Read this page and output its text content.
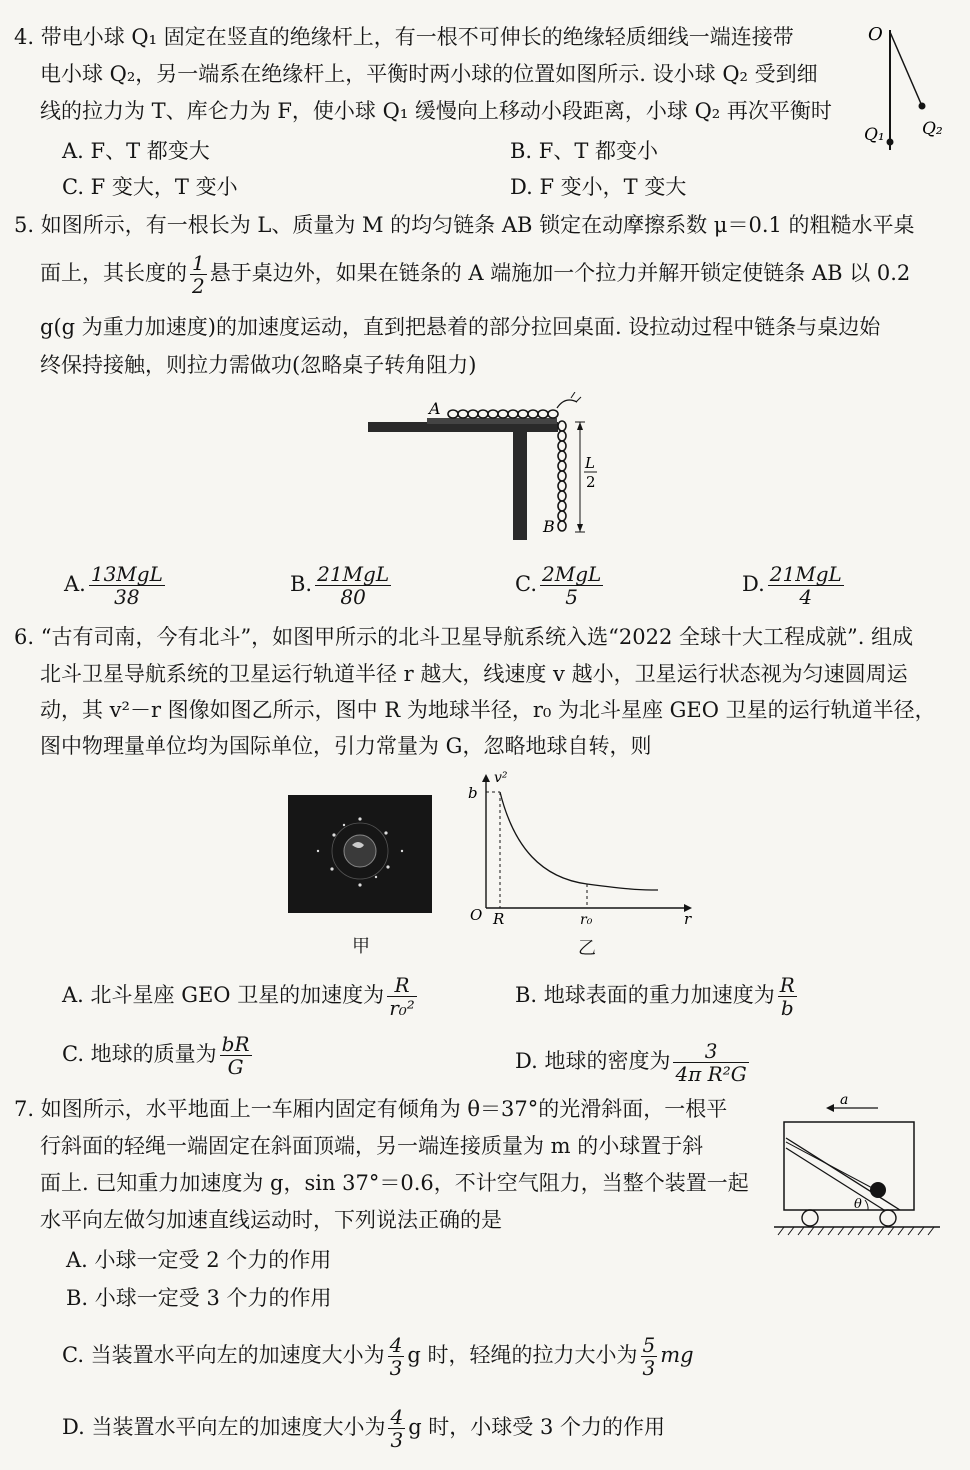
4. 带电小球 Q₁ 固定在竖直的绝缘杆上，有一根不可伸长的绝缘轻质细线一端连接带
电小球 Q₂，另一端系在绝缘杆上，平衡时两小球的位置如图所示. 设小球 Q₂ 受到细
线的拉力为 T、库仑力为 F，使小球 Q₁ 缓慢向上移动小段距离，小球 Q₂ 再次平衡时
A. F、T 都变大	B. F、T 都变小
C. F 变大，T 变小	D. F 变小，T 变大
O
Q₁ Q₂
5. 如图所示，有一根长为 L、质量为 M 的均匀链条 AB 锁定在动摩擦系数 μ＝0.1 的粗糙水平桌
面上，其长度的 $\frac{1}{2}$ 悬于桌边外，如果在链条的 A 端施加一个拉力并解开锁定使链条 AB 以 0.2
g(g 为重力加速度)的加速度运动，直到把悬着的部分拉回桌面. 设拉动过程中链条与桌边始
终保持接触，则拉力需做功(忽略桌子转角阻力)
L
2
A
B
A. $\frac{\text{13MgL}}{38}$	B. $\frac{\text{21MgL}}{80}$	C. $\frac{\text{2MgL}}{5}$	D. $\frac{\text{21MgL}}{4}$
6. “古有司南，今有北斗”，如图甲所示的北斗卫星导航系统入选“2022 全球十大工程成就”. 组成
北斗卫星导航系统的卫星运行轨道半径 r 越大，线速度 v 越小，卫星运行状态视为匀速圆周运
动，其 v²－r 图像如图乙所示，图中 R 为地球半径，r₀ 为北斗星座 GEO 卫星的运行轨道半径，
图中物理量单位均为国际单位，引力常量为 G，忽略地球自转，则
甲
v²
b
O R	r₀	r
乙
A. 北斗星座 GEO 卫星的加速度为 $\frac{R}{\text{r₀²}}$	B. 地球表面的重力加速度为 $\frac{R}{b}$
C. 地球的质量为 $\frac{bR}{G}$	D. 地球的密度为 $\frac{3}{\text{4π R²G}}$
7. 如图所示，水平地面上一车厢内固定有倾角为 θ＝37°的光滑斜面，一根平
行斜面的轻绳一端固定在斜面顶端，另一端连接质量为 m 的小球置于斜
面上. 已知重力加速度为 g，sin 37°＝0.6，不计空气阻力，当整个装置一起
水平向左做匀加速直线运动时，下列说法正确的是
a
θ
A. 小球一定受 2 个力的作用
B. 小球一定受 3 个力的作用
C. 当装置水平向左的加速度大小为 $\frac{4}{3}$ g 时，轻绳的拉力大小为 $\frac{5}{3}$ mg
D. 当装置水平向左的加速度大小为 $\frac{4}{3}$ g 时，小球受 3 个力的作用
